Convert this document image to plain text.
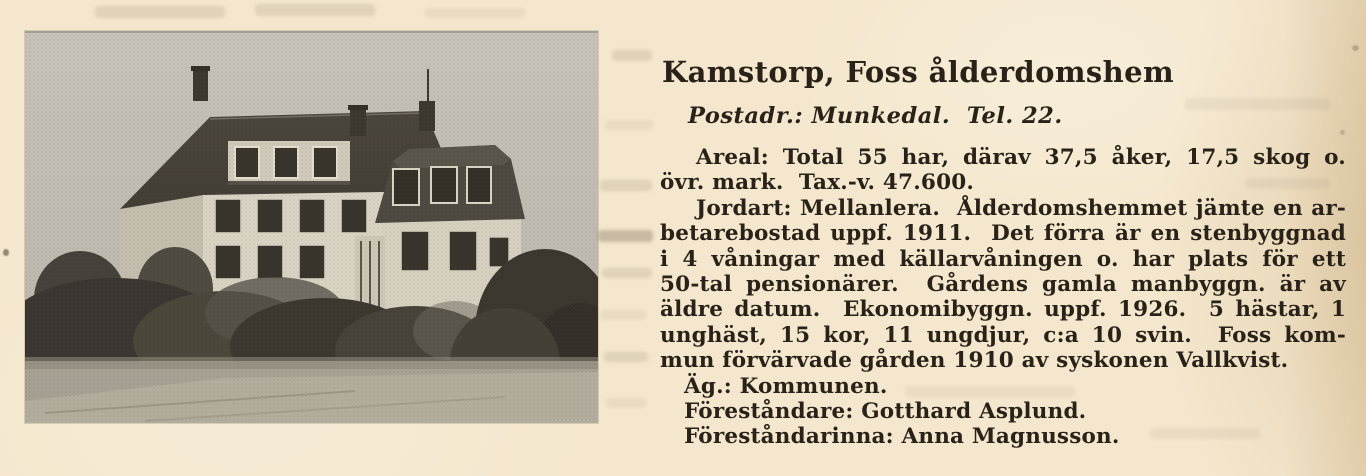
Kamstorp, Foss ålderdomshem

Postadr.: Munkedal.  Tel. 22.

Areal: Total 55 har, därav 37,5 åker, 17,5 skog o.
övr. mark.  Tax.-v. 47.600.
Jordart: Mellanlera.  Ålderdomshemmet jämte en ar-
betarebostad uppf. 1911.  Det förra är en stenbyggnad
i 4 våningar med källarvåningen o. har plats för ett
50-tal pensionärer.  Gårdens gamla manbyggn. är av
äldre datum.  Ekonomibyggn. uppf. 1926.  5 hästar, 1
unghäst, 15 kor, 11 ungdjur, c:a 10 svin.  Foss kom-
mun förvärvade gården 1910 av syskonen Vallkvist.
Äg.: Kommunen.
Föreståndare: Gotthard Asplund.
Föreståndarinna: Anna Magnusson.
